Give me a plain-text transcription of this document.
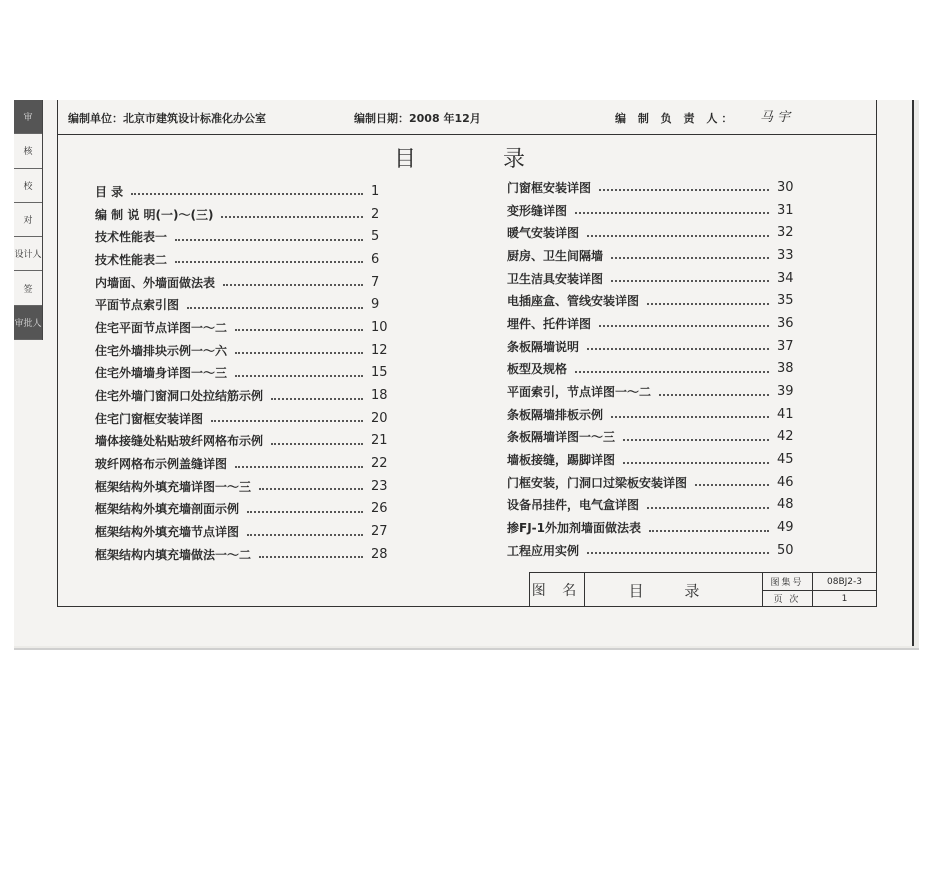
审
核
校
对
设计人
签
审批人
编制单位：北京市建筑设计标准化办公室	编制日期：2008 年12月	编 制 负 责 人： 马 宇
目 录
目 录	1
编 制 说 明(一)～(三)	2
技术性能表一	5
技术性能表二	6
内墙面、外墙面做法表	7
平面节点索引图	9
住宅平面节点详图一～二	10
住宅外墙排块示例一～六	12
住宅外墙墙身详图一～三	15
住宅外墙门窗洞口处拉结筋示例	18
住宅门窗框安装详图	20
墙体接缝处粘贴玻纤网格布示例	21
玻纤网格布示例盖缝详图	22
框架结构外填充墙详图一～三	23
框架结构外填充墙剖面示例	26
框架结构外填充墙节点详图	27
框架结构内填充墙做法一～二	28
门窗框安装详图	30
变形缝详图	31
暖气安装详图	32
厨房、卫生间隔墙	33
卫生洁具安装详图	34
电插座盒、管线安装详图	35
埋件、托件详图	36
条板隔墙说明	37
板型及规格	38
平面索引，节点详图一～二	39
条板隔墙排板示例	41
条板隔墙详图一～三	42
墙板接缝，踢脚详图	45
门框安装，门洞口过梁板安装详图	46
设备吊挂件，电气盒详图	48
掺FJ-1外加剂墙面做法表	49
工程应用实例	50
图 名	目 录	图集号	08BJ2-3
页 次	1
